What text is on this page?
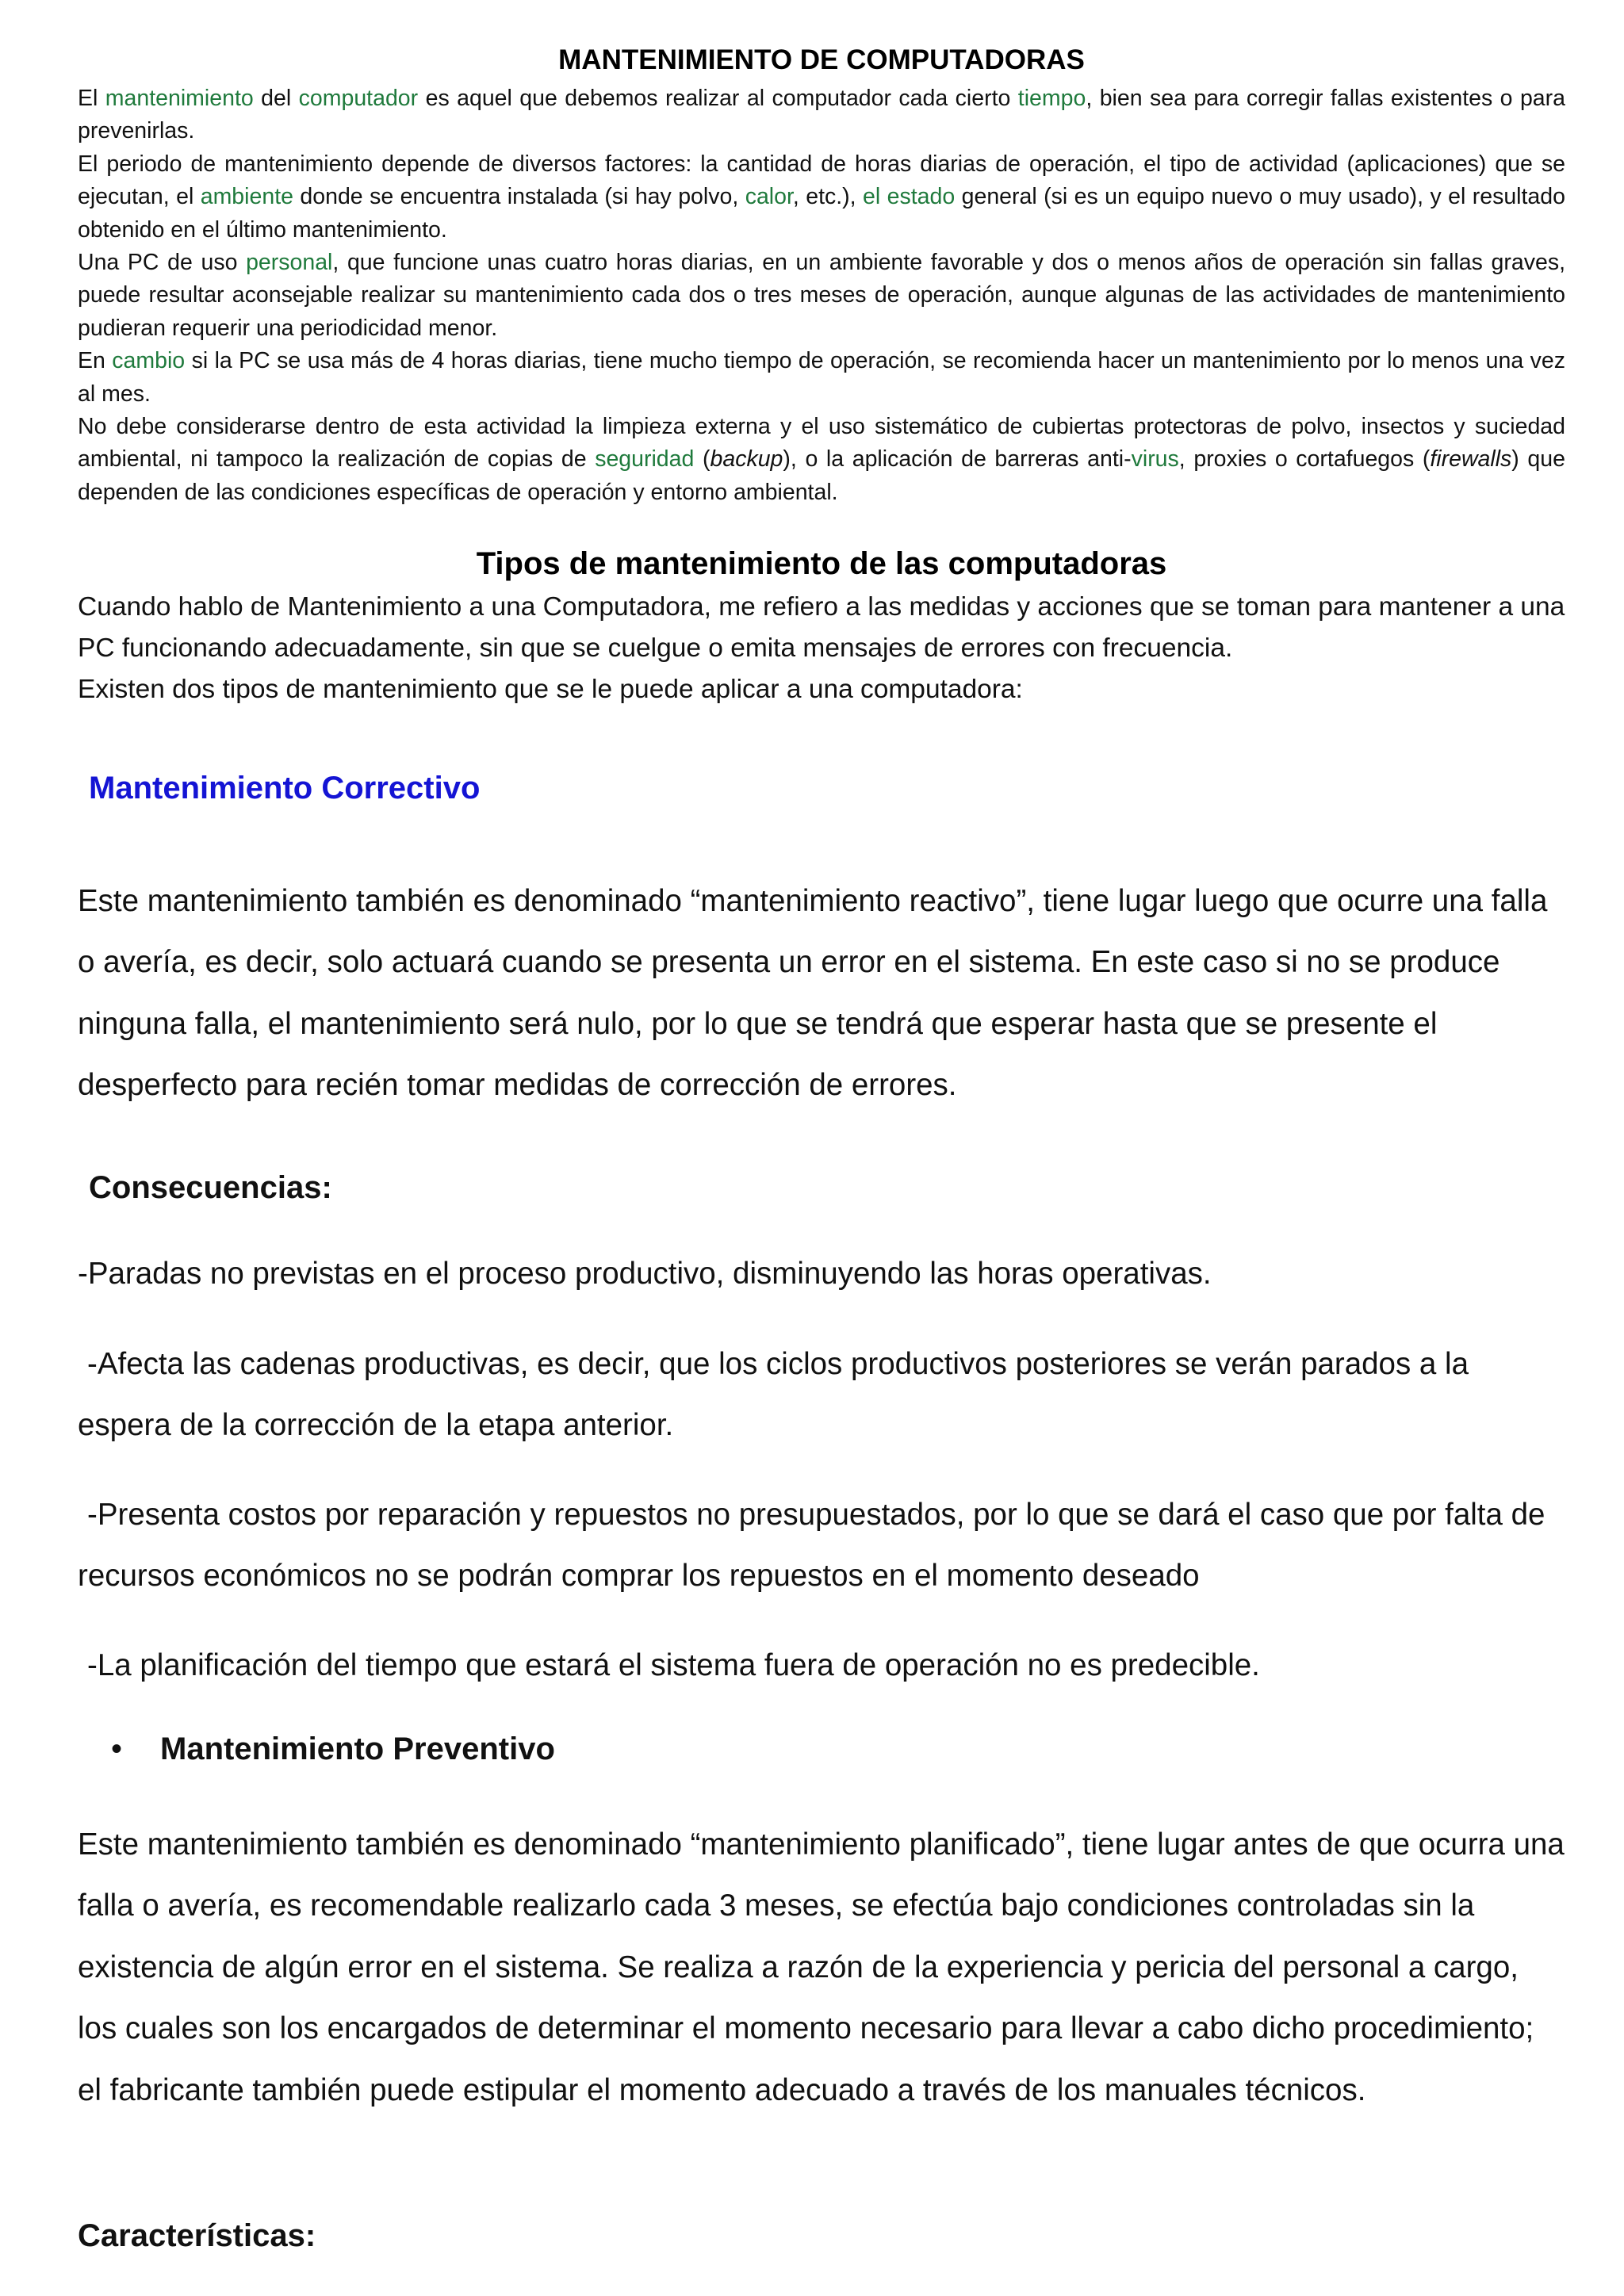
MANTENIMIENTO DE COMPUTADORAS

El mantenimiento del computador es aquel que debemos realizar al computador cada cierto tiempo, bien sea para corregir fallas existentes o para prevenirlas.

El periodo de mantenimiento depende de diversos factores: la cantidad de horas diarias de operación, el tipo de actividad (aplicaciones) que se ejecutan, el ambiente donde se encuentra instalada (si hay polvo, calor, etc.), el estado general (si es un equipo nuevo o muy usado), y el resultado obtenido en el último mantenimiento.

Una PC de uso personal, que funcione unas cuatro horas diarias, en un ambiente favorable y dos o menos años de operación sin fallas graves, puede resultar aconsejable realizar su mantenimiento cada dos o tres meses de operación, aunque algunas de las actividades de mantenimiento pudieran requerir una periodicidad menor.

En cambio si la PC se usa más de 4 horas diarias, tiene mucho tiempo de operación, se recomienda hacer un mantenimiento por lo menos una vez al mes.

No debe considerarse dentro de esta actividad la limpieza externa y el uso sistemático de cubiertas protectoras de polvo, insectos y suciedad ambiental, ni tampoco la realización de copias de seguridad (backup), o la aplicación de barreras anti-virus, proxies o cortafuegos (firewalls) que dependen de las condiciones específicas de operación y entorno ambiental.

Tipos de mantenimiento de las computadoras

Cuando hablo de Mantenimiento a una Computadora, me refiero a las medidas y acciones que se toman para mantener a una PC funcionando adecuadamente, sin que se cuelgue o emita mensajes de errores con frecuencia.

Existen dos tipos de mantenimiento que se le puede aplicar a una computadora:

Mantenimiento Correctivo

Este mantenimiento también es denominado “mantenimiento reactivo”, tiene lugar luego que ocurre una falla o avería, es decir, solo actuará cuando se presenta un error en el sistema. En este caso si no se produce ninguna falla, el mantenimiento será nulo, por lo que se tendrá que esperar hasta que se presente el desperfecto para recién tomar medidas de corrección de errores.

Consecuencias:

-Paradas no previstas en el proceso productivo, disminuyendo las horas operativas.

-Afecta las cadenas productivas, es decir, que los ciclos productivos posteriores se verán parados a la espera de la corrección de la etapa anterior.

-Presenta costos por reparación y repuestos no presupuestados, por lo que se dará el caso que por falta de recursos económicos no se podrán comprar los repuestos en el momento deseado

-La planificación del tiempo que estará el sistema fuera de operación no es predecible.

• Mantenimiento Preventivo

Este mantenimiento también es denominado “mantenimiento planificado”, tiene lugar antes de que ocurra una falla o avería, es recomendable realizarlo cada 3 meses, se efectúa bajo condiciones controladas sin la existencia de algún error en el sistema. Se realiza a razón de la experiencia y pericia del personal a cargo, los cuales son los encargados de determinar el momento necesario para llevar a cabo dicho procedimiento; el fabricante también puede estipular el momento adecuado a través de los manuales técnicos.

Características:
